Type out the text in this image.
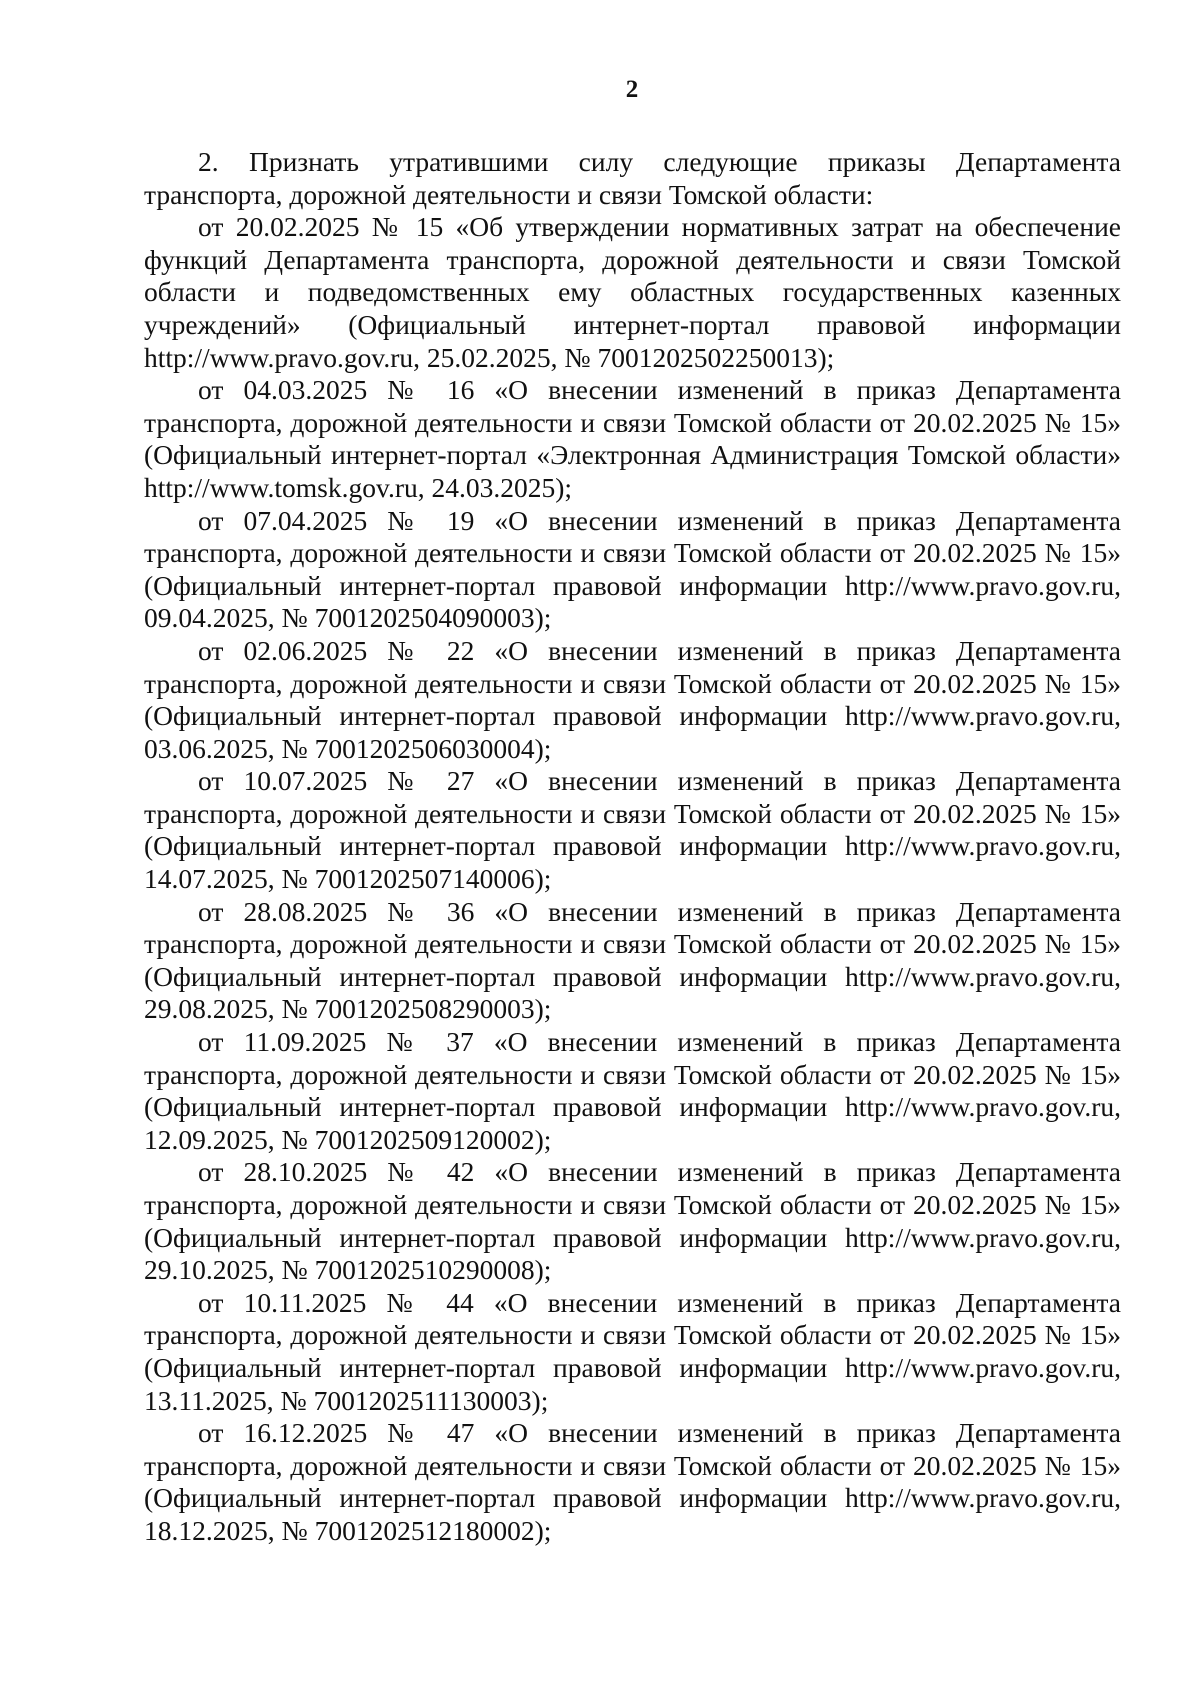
2

2. Признать утратившими силу следующие приказы Департамента транспорта, дорожной деятельности и связи Томской области:

от 20.02.2025 № 15 «Об утверждении нормативных затрат на обеспечение функций Департамента транспорта, дорожной деятельности и связи Томской области и подведомственных ему областных государственных казенных учреждений» (Официальный интернет-портал правовой информации http://www.pravo.gov.ru, 25.02.2025, № 7001202502250013);

от 04.03.2025 № 16 «О внесении изменений в приказ Департамента транспорта, дорожной деятельности и связи Томской области от 20.02.2025 № 15» (Официальный интернет-портал «Электронная Администрация Томской области» http://www.tomsk.gov.ru, 24.03.2025);

от 07.04.2025 № 19 «О внесении изменений в приказ Департамента транспорта, дорожной деятельности и связи Томской области от 20.02.2025 № 15» (Официальный интернет-портал правовой информации http://www.pravo.gov.ru, 09.04.2025, № 7001202504090003);

от 02.06.2025 № 22 «О внесении изменений в приказ Департамента транспорта, дорожной деятельности и связи Томской области от 20.02.2025 № 15» (Официальный интернет-портал правовой информации http://www.pravo.gov.ru, 03.06.2025, № 7001202506030004);

от 10.07.2025 № 27 «О внесении изменений в приказ Департамента транспорта, дорожной деятельности и связи Томской области от 20.02.2025 № 15» (Официальный интернет-портал правовой информации http://www.pravo.gov.ru, 14.07.2025, № 7001202507140006);

от 28.08.2025 № 36 «О внесении изменений в приказ Департамента транспорта, дорожной деятельности и связи Томской области от 20.02.2025 № 15» (Официальный интернет-портал правовой информации http://www.pravo.gov.ru, 29.08.2025, № 7001202508290003);

от 11.09.2025 № 37 «О внесении изменений в приказ Департамента транспорта, дорожной деятельности и связи Томской области от 20.02.2025 № 15» (Официальный интернет-портал правовой информации http://www.pravo.gov.ru, 12.09.2025, № 7001202509120002);

от 28.10.2025 № 42 «О внесении изменений в приказ Департамента транспорта, дорожной деятельности и связи Томской области от 20.02.2025 № 15» (Официальный интернет-портал правовой информации http://www.pravo.gov.ru, 29.10.2025, № 7001202510290008);

от 10.11.2025 № 44 «О внесении изменений в приказ Департамента транспорта, дорожной деятельности и связи Томской области от 20.02.2025 № 15» (Официальный интернет-портал правовой информации http://www.pravo.gov.ru, 13.11.2025, № 7001202511130003);

от 16.12.2025 № 47 «О внесении изменений в приказ Департамента транспорта, дорожной деятельности и связи Томской области от 20.02.2025 № 15» (Официальный интернет-портал правовой информации http://www.pravo.gov.ru, 18.12.2025, № 7001202512180002);
